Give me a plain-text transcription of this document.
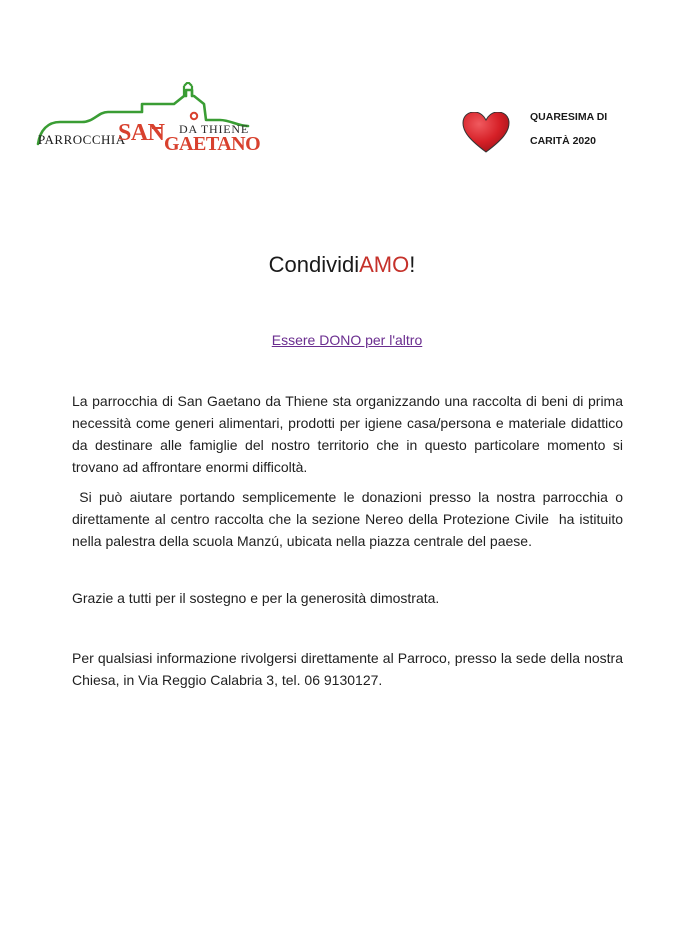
PARROCCHIA
SAN DA THIENE
GAETANO
QUARESIMA DI
CARITÀ 2020
CondividiAMO!
Essere DONO per l'altro

La parrocchia di San Gaetano da Thiene sta organizzando una raccolta di beni di prima necessità come generi alimentari, prodotti per igiene casa/persona e materiale didattico da destinare alle famiglie del nostro territorio che in questo particolare momento si trovano ad affrontare enormi difficoltà.

Si può aiutare portando semplicemente le donazioni presso la nostra parrocchia o direttamente al centro raccolta che la sezione Nereo della Protezione Civile  ha istituito  nella palestra della scuola Manzú, ubicata nella piazza centrale del paese.

Grazie a tutti per il sostegno e per la generosità dimostrata.

Per qualsiasi informazione rivolgersi direttamente al Parroco, presso la sede della nostra Chiesa, in Via Reggio Calabria 3, tel. 06 9130127.
